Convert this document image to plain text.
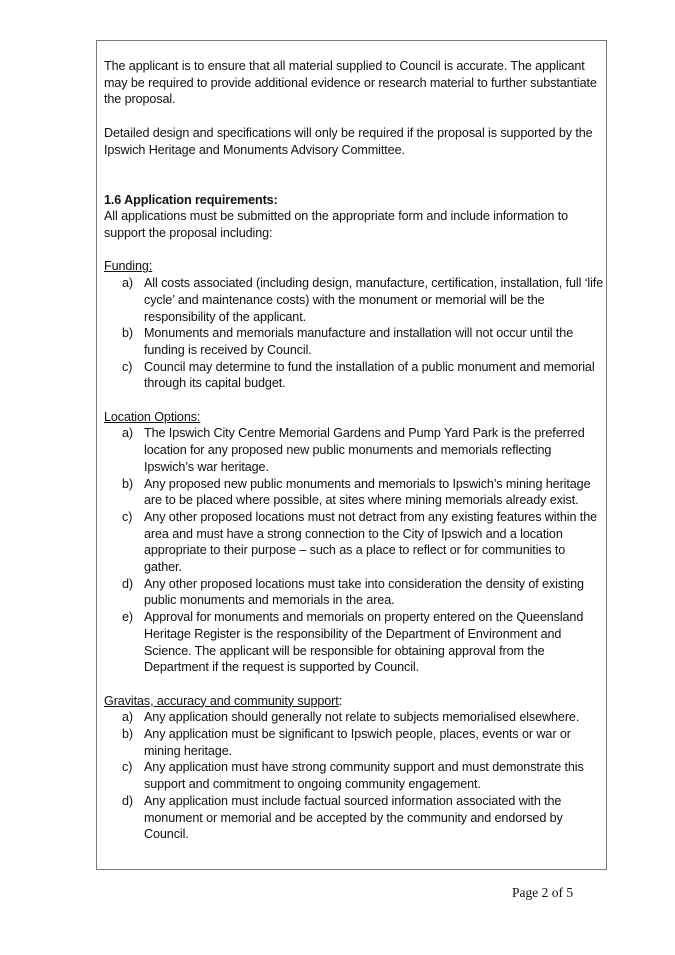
The applicant is to ensure that all material supplied to Council is accurate. The applicant may be required to provide additional evidence or research material to further substantiate the proposal.

Detailed design and specifications will only be required if the proposal is supported by the Ipswich Heritage and Monuments Advisory Committee.

1.6 Application requirements:

All applications must be submitted on the appropriate form and include information to support the proposal including:

Funding:

a) All costs associated (including design, manufacture, certification, installation, full ‘life cycle’ and maintenance costs) with the monument or memorial will be the responsibility of the applicant.
b) Monuments and memorials manufacture and installation will not occur until the funding is received by Council.
c) Council may determine to fund the installation of a public monument and memorial through its capital budget.

Location Options:

a) The Ipswich City Centre Memorial Gardens and Pump Yard Park is the preferred location for any proposed new public monuments and memorials reflecting Ipswich’s war heritage.
b) Any proposed new public monuments and memorials to Ipswich’s mining heritage are to be placed where possible, at sites where mining memorials already exist.
c) Any other proposed locations must not detract from any existing features within the area and must have a strong connection to the City of Ipswich and a location appropriate to their purpose – such as a place to reflect or for communities to gather.
d) Any other proposed locations must take into consideration the density of existing public monuments and memorials in the area.
e) Approval for monuments and memorials on property entered on the Queensland Heritage Register is the responsibility of the Department of Environment and Science. The applicant will be responsible for obtaining approval from the Department if the request is supported by Council.

Gravitas, accuracy and community support:

a) Any application should generally not relate to subjects memorialised elsewhere.
b) Any application must be significant to Ipswich people, places, events or war or mining heritage.
c) Any application must have strong community support and must demonstrate this support and commitment to ongoing community engagement.
d) Any application must include factual sourced information associated with the monument or memorial and be accepted by the community and endorsed by Council.
Page 2 of 5
